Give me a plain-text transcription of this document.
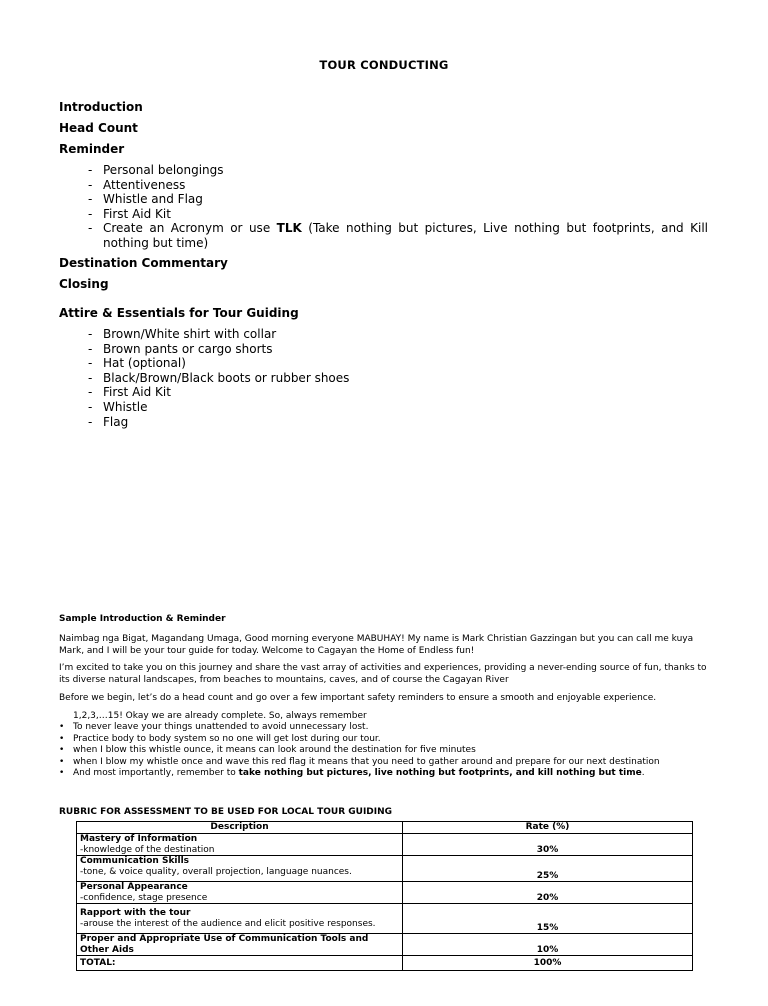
TOUR CONDUCTING
Introduction
Head Count
Reminder
- Personal belongings
- Attentiveness
- Whistle and Flag
- First Aid Kit
- Create an Acronym or use TLK (Take nothing but pictures, Live nothing but footprints, and Kill nothing but time)
Destination Commentary
Closing
Attire & Essentials for Tour Guiding
- Brown/White shirt with collar
- Brown pants or cargo shorts
- Hat (optional)
- Black/Brown/Black boots or rubber shoes
- First Aid Kit
- Whistle
- Flag
Sample Introduction & Reminder
Naimbag nga Bigat, Magandang Umaga, Good morning everyone MABUHAY! My name is Mark Christian Gazzingan but you can call me kuya Mark, and I will be your tour guide for today. Welcome to Cagayan the Home of Endless fun!
I’m excited to take you on this journey and share the vast array of activities and experiences, providing a never-ending source of fun, thanks to its diverse natural landscapes, from beaches to mountains, caves, and of course the Cagayan River
Before we begin, let’s do a head count and go over a few important safety reminders to ensure a smooth and enjoyable experience.
1,2,3,…15! Okay we are already complete. So, always remember
• To never leave your things unattended to avoid unnecessary lost.
• Practice body to body system so no one will get lost during our tour.
• when I blow this whistle ounce, it means can look around the destination for five minutes
• when I blow my whistle once and wave this red flag it means that you need to gather around and prepare for our next destination
• And most importantly, remember to take nothing but pictures, live nothing but footprints, and kill nothing but time.
RUBRIC FOR ASSESSMENT TO BE USED FOR LOCAL TOUR GUIDING
Description	Rate (%)

Mastery of Information
-knowledge of the destination	30%

Communication Skills
-tone, & voice quality, overall projection, language nuances.	25%

Personal Appearance
-confidence, stage presence	20%

Rapport with the tour
-arouse the interest of the audience and elicit positive responses.	15%

Proper and Appropriate Use of Communication Tools and Other Aids	10%
TOTAL:	100%
